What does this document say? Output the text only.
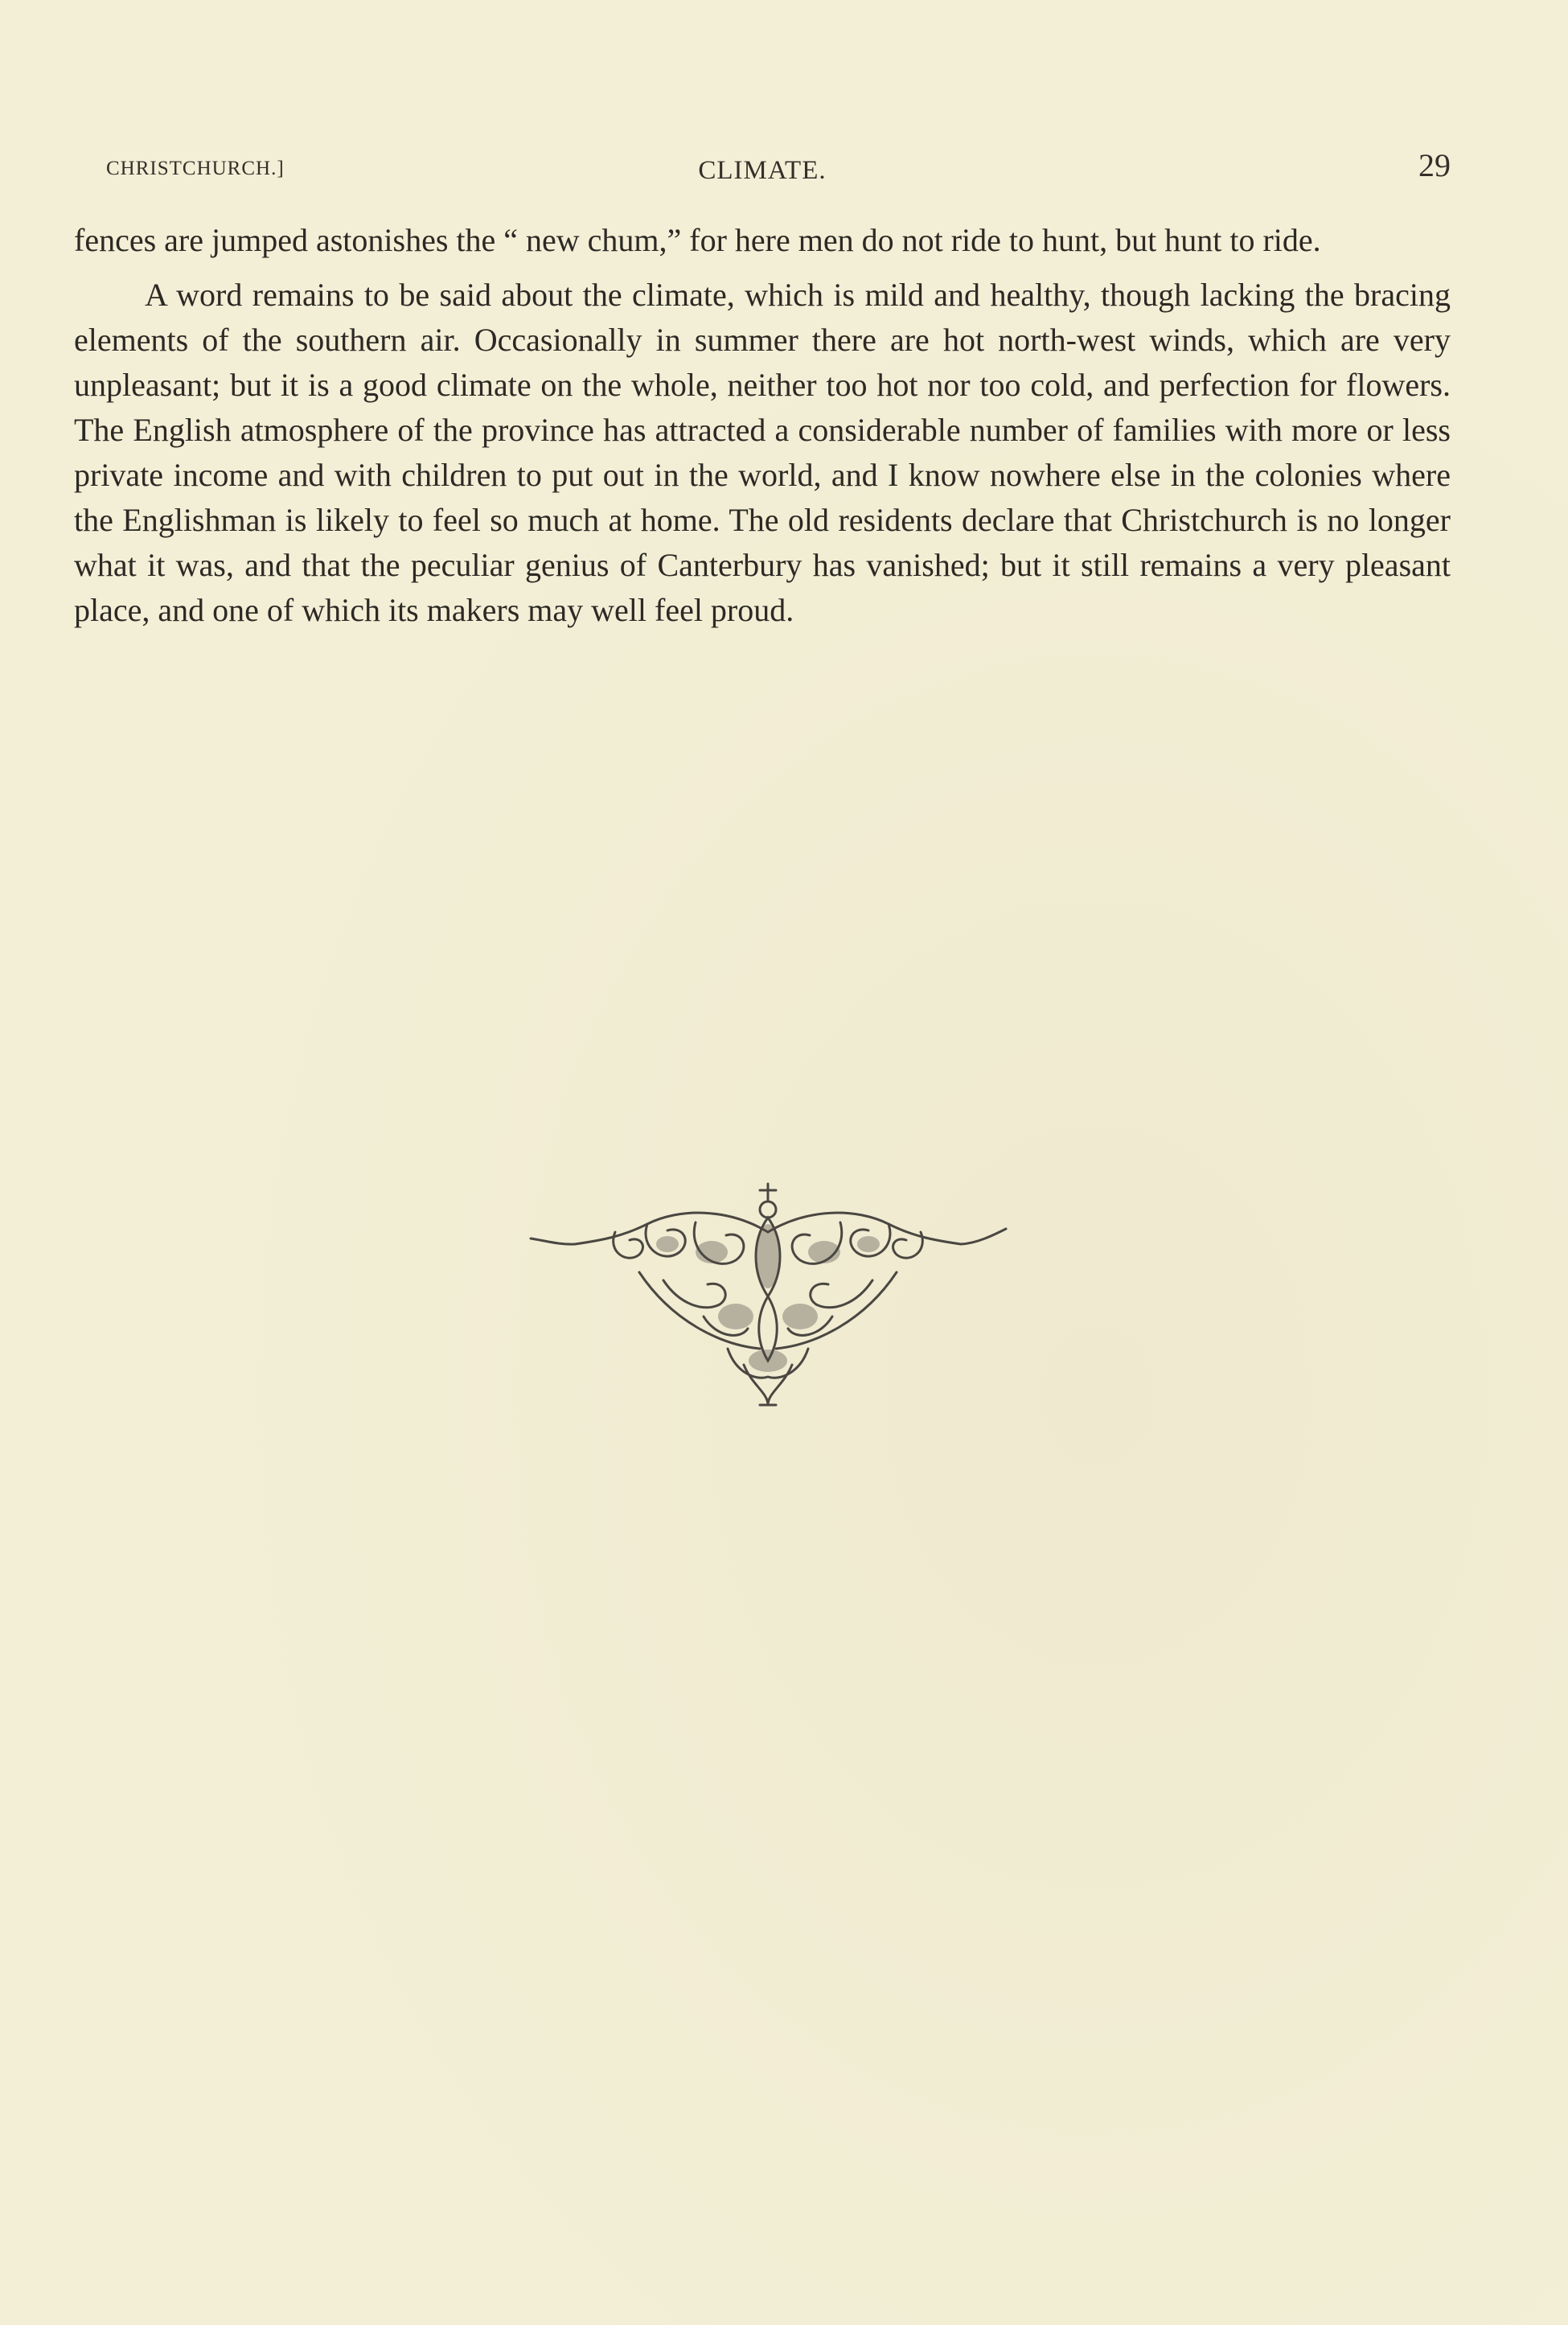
CHRISTCHURCH.]	CLIMATE.	29

fences are jumped astonishes the “ new chum,” for here men do not ride to hunt, but hunt to ride.

A word remains to be said about the climate, which is mild and healthy, though lacking the bracing elements of the southern air. Occasionally in summer there are hot north-west winds, which are very unpleasant; but it is a good climate on the whole, neither too hot nor too cold, and perfection for flowers. The English atmosphere of the province has attracted a considerable number of families with more or less private income and with children to put out in the world, and I know nowhere else in the colonies where the Englishman is likely to feel so much at home. The old residents declare that Christchurch is no longer what it was, and that the peculiar genius of Canterbury has vanished; but it still remains a very pleasant place, and one of which its makers may well feel proud.
